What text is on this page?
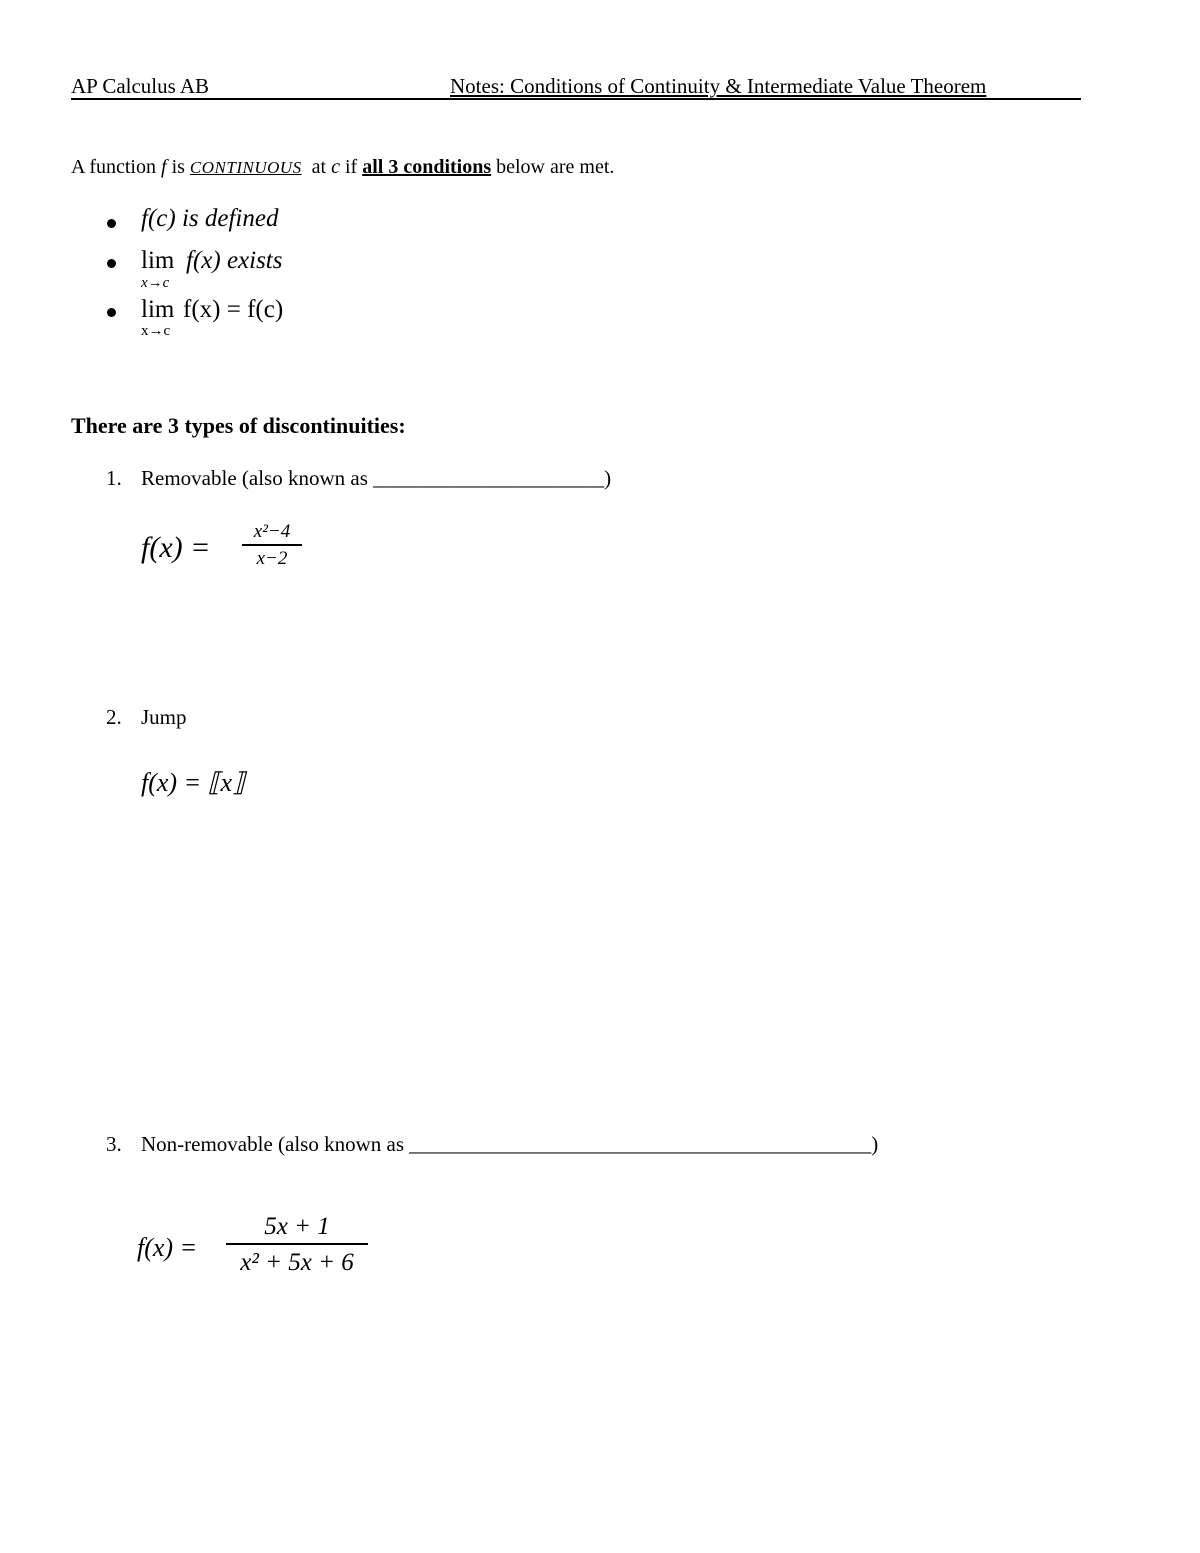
AP Calculus AB	Notes: Conditions of Continuity & Intermediate Value Theorem
A function f is CONTINUOUS at c if all 3 conditions below are met.
f(c) is defined
lim
x→c
f(x) exists
lim
x→c
f(x) = f(c)
There are 3 types of discontinuities:
1. Removable (also known as ______________________)
f(x) =	x²−4
x−2
2. Jump
f(x) = ⟦x⟧
3. Non-removable (also known as ____________________________________________)
f(x) =
5x + 1
x² + 5x + 6
